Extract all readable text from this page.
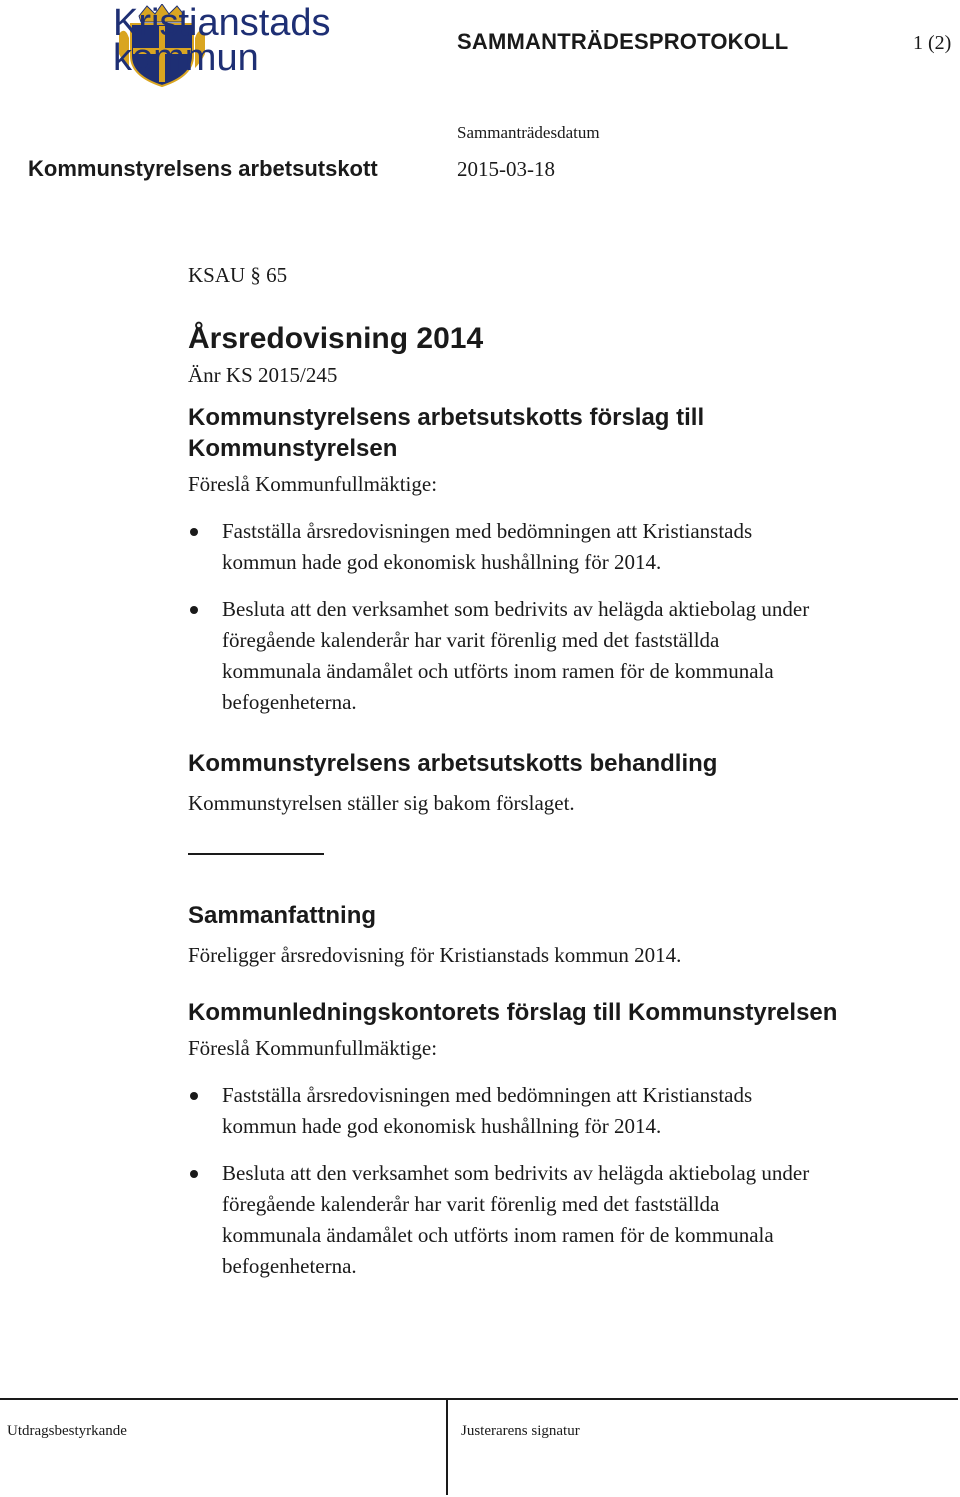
Kristianstads
kommun	SAMMANTRÄDESPROTOKOLL	1 (2)
Kommunstyrelsens arbetsutskott
Sammanträdesdatum
2015-03-18

KSAU § 65

Årsredovisning 2014

Änr KS 2015/245

Kommunstyrelsens arbetsutskotts förslag till
Kommunstyrelsen

Föreslå Kommunfullmäktige:

Fastställa årsredovisningen med bedömningen att Kristianstads
kommun hade god ekonomisk hushållning för 2014.
Besluta att den verksamhet som bedrivits av helägda aktiebolag under
föregående kalenderår har varit förenlig med det fastställda
kommunala ändamålet och utförts inom ramen för de kommunala
befogenheterna.
Kommunstyrelsens arbetsutskotts behandling

Kommunstyrelsen ställer sig bakom förslaget.

Sammanfattning

Föreligger årsredovisning för Kristianstads kommun 2014.

Kommunledningskontorets förslag till Kommunstyrelsen

Föreslå Kommunfullmäktige:

Fastställa årsredovisningen med bedömningen att Kristianstads
kommun hade god ekonomisk hushållning för 2014.
Besluta att den verksamhet som bedrivits av helägda aktiebolag under
föregående kalenderår har varit förenlig med det fastställda
kommunala ändamålet och utförts inom ramen för de kommunala
befogenheterna.
Utdragsbestyrkande	Justerarens signatur
